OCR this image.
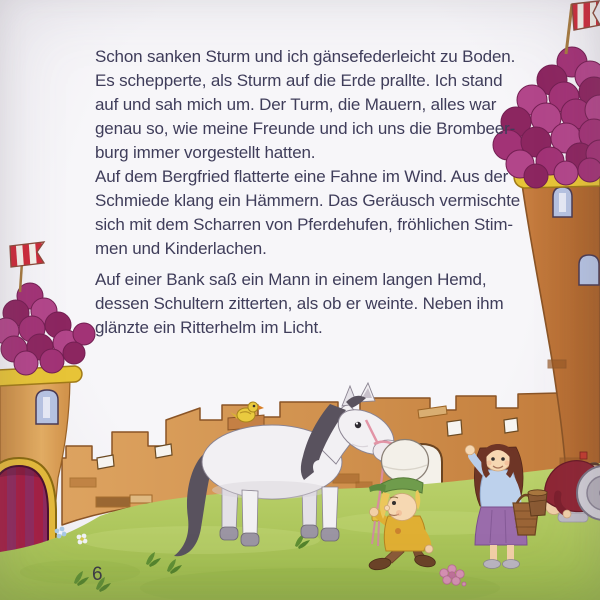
Schon sanken Sturm und ich gänsefederleicht zu Boden.
Es schepperte, als Sturm auf die Erde prallte. Ich stand
auf und sah mich um. Der Turm, die Mauern, alles war
genau so, wie meine Freunde und ich uns die Brombeer-
burg immer vorgestellt hatten.
Auf dem Bergfried flatterte eine Fahne im Wind. Aus der
Schmiede klang ein Hämmern. Das Geräusch vermischte
sich mit dem Scharren von Pferdehufen, fröhlichen Stim-
men und Kinderlachen.
Auf einer Bank saß ein Mann in einem langen Hemd,
dessen Schultern zitterten, als ob er weinte. Neben ihm
glänzte ein Ritterhelm im Licht.
6
